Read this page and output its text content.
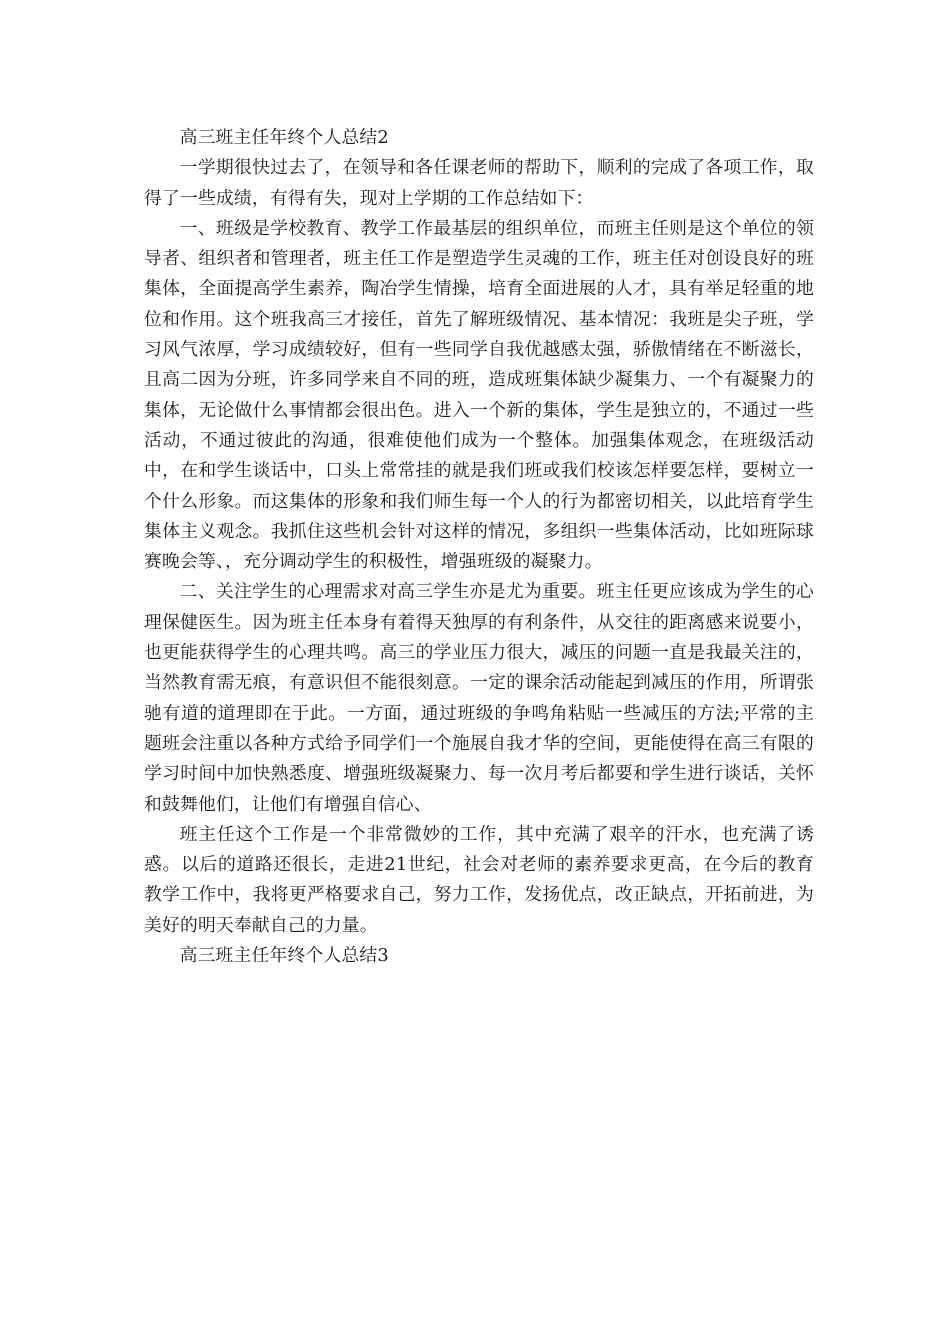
高三班主任年终个人总结2

一学期很快过去了，在领导和各任课老师的帮助下，顺利的完成了各项工作，取得了一些成绩，有得有失，现对上学期的工作总结如下：

一、班级是学校教育、教学工作最基层的组织单位，而班主任则是这个单位的领导者、组织者和管理者，班主任工作是塑造学生灵魂的工作，班主任对创设良好的班集体，全面提高学生素养，陶冶学生情操，培育全面进展的人才，具有举足轻重的地位和作用。这个班我高三才接任，首先了解班级情况、基本情况：我班是尖子班，学习风气浓厚，学习成绩较好，但有一些同学自我优越感太强，骄傲情绪在不断滋长，且高二因为分班，许多同学来自不同的班，造成班集体缺少凝集力、一个有凝聚力的集体，无论做什么事情都会很出色。进入一个新的集体，学生是独立的，不通过一些活动，不通过彼此的沟通，很难使他们成为一个整体。加强集体观念，在班级活动中，在和学生谈话中，口头上常常挂的就是我们班或我们校该怎样要怎样，要树立一个什么形象。而这集体的形象和我们师生每一个人的行为都密切相关，以此培育学生集体主义观念。我抓住这些机会针对这样的情况，多组织一些集体活动，比如班际球赛晚会等、，充分调动学生的积极性，增强班级的凝聚力。

二、关注学生的心理需求对高三学生亦是尤为重要。班主任更应该成为学生的心理保健医生。因为班主任本身有着得天独厚的有利条件，从交往的距离感来说要小，也更能获得学生的心理共鸣。高三的学业压力很大，减压的问题一直是我最关注的，当然教育需无痕，有意识但不能很刻意。一定的课余活动能起到减压的作用，所谓张驰有道的道理即在于此。一方面，通过班级的争鸣角粘贴一些减压的方法;平常的主题班会注重以各种方式给予同学们一个施展自我才华的空间，更能使得在高三有限的学习时间中加快熟悉度、增强班级凝聚力、每一次月考后都要和学生进行谈话，关怀和鼓舞他们，让他们有增强自信心、

班主任这个工作是一个非常微妙的工作，其中充满了艰辛的汗水，也充满了诱惑。以后的道路还很长，走进21世纪，社会对老师的素养要求更高，在今后的教育教学工作中，我将更严格要求自己，努力工作，发扬优点，改正缺点，开拓前进，为美好的明天奉献自己的力量。

高三班主任年终个人总结3
